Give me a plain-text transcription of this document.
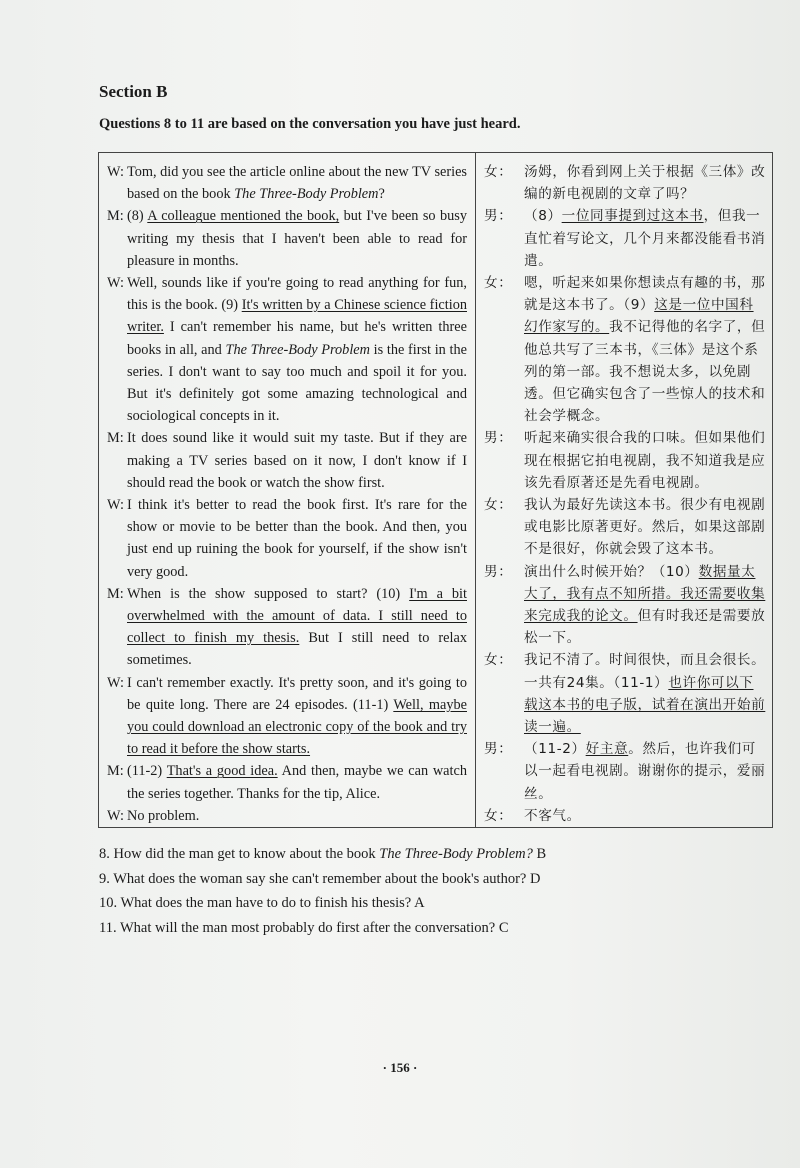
Section B
Questions 8 to 11 are based on the conversation you have just heard.
W: Tom, did you see the article online about the new TV series based on the book The Three-Body Problem?
M: (8) A colleague mentioned the book, but I've been so busy writing my thesis that I haven't been able to read for pleasure in months.
W: Well, sounds like if you're going to read anything for fun, this is the book. (9) It's written by a Chinese science fiction writer. I can't remember his name, but he's written three books in all, and The Three-Body Problem is the first in the series. I don't want to say too much and spoil it for you. But it's definitely got some amazing technological and sociological concepts in it.
M: It does sound like it would suit my taste. But if they are making a TV series based on it now, I don't know if I should read the book or watch the show first.
W: I think it's better to read the book first. It's rare for the show or movie to be better than the book. And then, you just end up ruining the book for yourself, if the show isn't very good.
M: When is the show supposed to start? (10) I'm a bit overwhelmed with the amount of data. I still need to collect to finish my thesis. But I still need to relax sometimes.
W: I can't remember exactly. It's pretty soon, and it's going to be quite long. There are 24 episodes. (11-1) Well, maybe you could download an electronic copy of the book and try to read it before the show starts.
M: (11-2) That's a good idea. And then, maybe we can watch the series together. Thanks for the tip, Alice.
W: No problem.
女： 汤姆，你看到网上关于根据《三体》改编的新电视剧的文章了吗？
男： （8）一位同事提到过这本书，但我一直忙着写论文，几个月来都没能看书消遣。
女： 嗯，听起来如果你想读点有趣的书，那就是这本书了。（9）这是一位中国科幻作家写的。我不记得他的名字了，但他总共写了三本书，《三体》是这个系列的第一部。我不想说太多，以免剧透。但它确实包含了一些惊人的技术和社会学概念。
男： 听起来确实很合我的口味。但如果他们现在根据它拍电视剧，我不知道我是应该先看原著还是先看电视剧。
女： 我认为最好先读这本书。很少有电视剧或电影比原著更好。然后，如果这部剧不是很好，你就会毁了这本书。
男： 演出什么时候开始？（10）数据量太大了，我有点不知所措。我还需要收集来完成我的论文。但有时我还是需要放松一下。
女： 我记不清了。时间很快，而且会很长。一共有24集。（11-1）也许你可以下载这本书的电子版，试着在演出开始前读一遍。
男： （11-2）好主意。然后，也许我们可以一起看电视剧。谢谢你的提示，爱丽丝。
女： 不客气。
8. How did the man get to know about the book The Three-Body Problem? B
9. What does the woman say she can't remember about the book's author? D
10. What does the man have to do to finish his thesis? A
11. What will the man most probably do first after the conversation? C
· 156 ·
